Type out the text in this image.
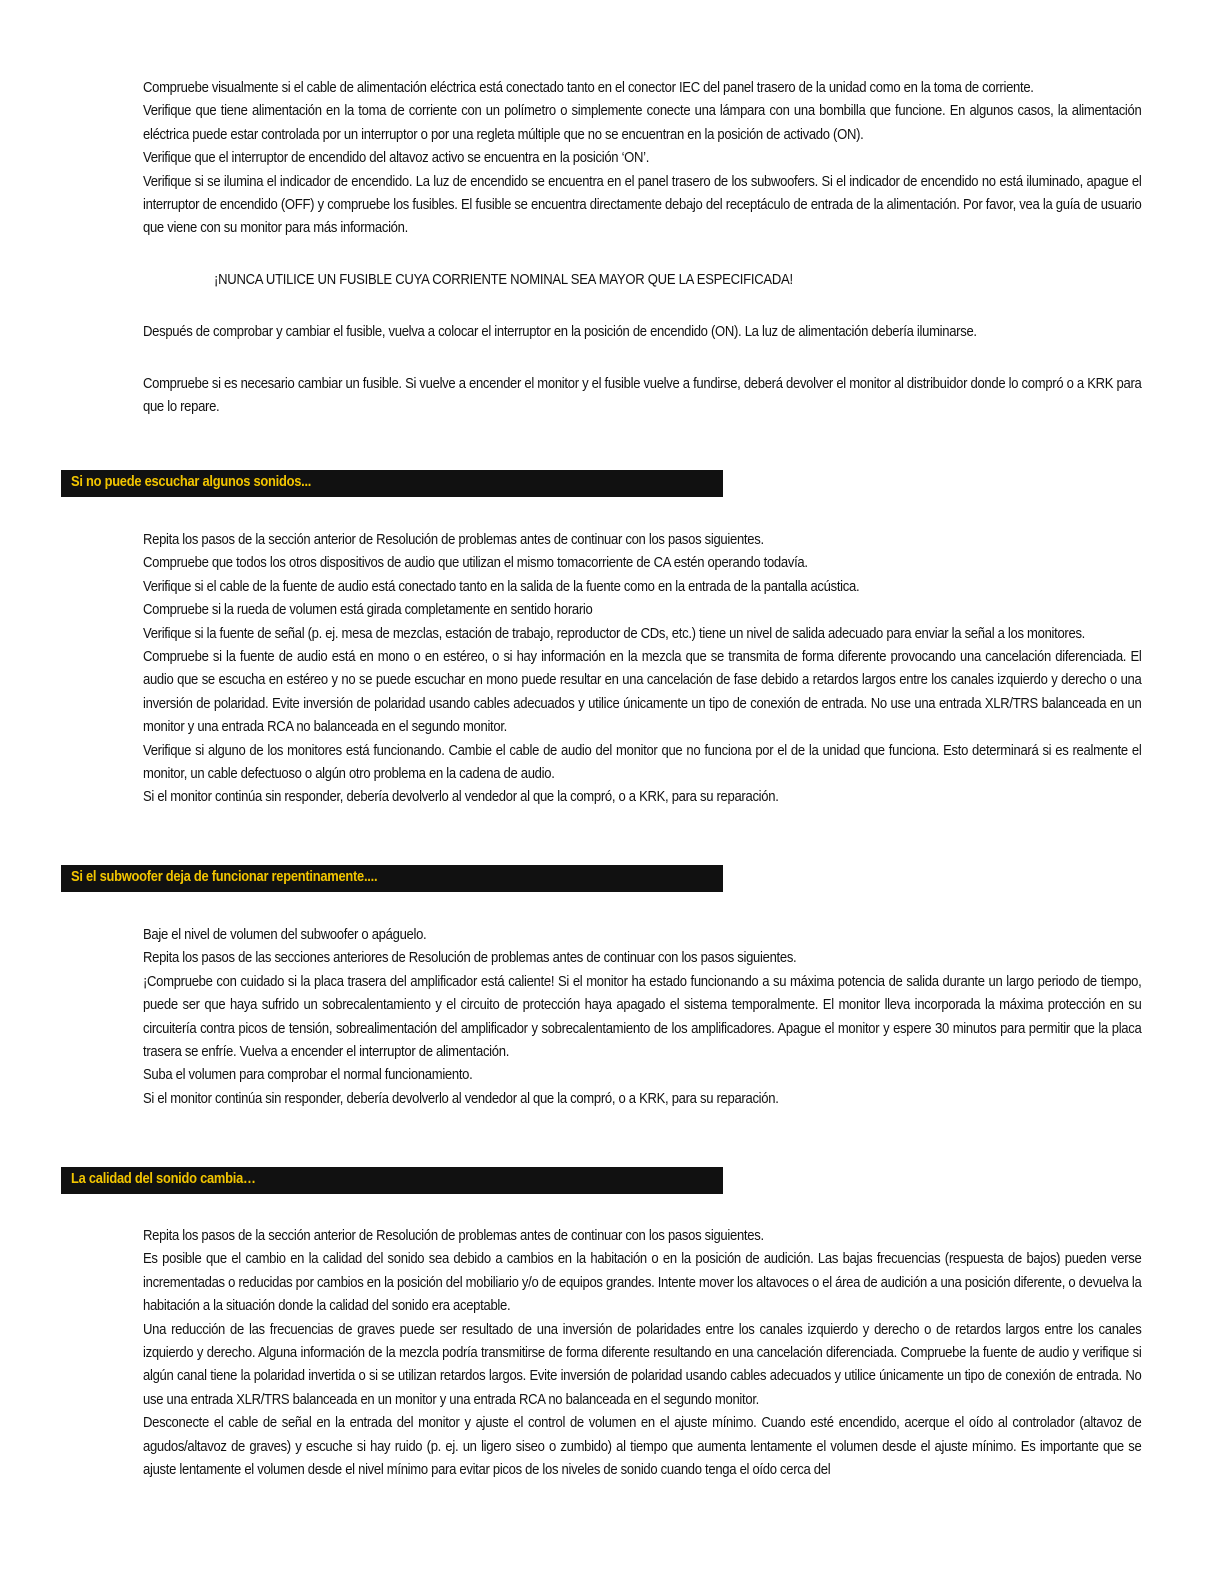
Compruebe visualmente si el cable de alimentación eléctrica está conectado tanto en el conector IEC del panel trasero de la unidad como en la toma de corriente.

Verifique que tiene alimentación en la toma de corriente con un polímetro o simplemente conecte una lámpara con una bombilla que funcione. En algunos casos, la alimentación eléctrica puede estar controlada por un interruptor o por una regleta múltiple que no se encuentran en la posición de activado (ON).

Verifique que el interruptor de encendido del altavoz activo se encuentra en la posición ‘ON’.

Verifique si se ilumina el indicador de encendido. La luz de encendido se encuentra en el panel trasero de los subwoofers. Si el indicador de encendido no está iluminado, apague el interruptor de encendido (OFF) y compruebe los fusibles. El fusible se encuentra directamente debajo del receptáculo de entrada de la alimentación. Por favor, vea la guía de usuario que viene con su monitor para más información.

¡NUNCA UTILICE UN FUSIBLE CUYA CORRIENTE NOMINAL SEA MAYOR QUE LA ESPECIFICADA!

Después de comprobar y cambiar el fusible, vuelva a colocar el interruptor en la posición de encendido (ON). La luz de alimentación debería iluminarse.

Compruebe si es necesario cambiar un fusible. Si vuelve a encender el monitor y el fusible vuelve a fundirse, deberá devolver el monitor al distribuidor donde lo compró o a KRK para que lo repare.

Si no puede escuchar algunos sonidos...

Repita los pasos de la sección anterior de Resolución de problemas antes de continuar con los pasos siguientes.

Compruebe que todos los otros dispositivos de audio que utilizan el mismo tomacorriente de CA estén operando todavía.

Verifique si el cable de la fuente de audio está conectado tanto en la salida de la fuente como en la entrada de la pantalla acústica.

Compruebe si la rueda de volumen está girada completamente en sentido horario

Verifique si la fuente de señal (p. ej. mesa de mezclas, estación de trabajo, reproductor de CDs, etc.) tiene un nivel de salida adecuado para enviar la señal a los monitores.

Compruebe si la fuente de audio está en mono o en estéreo, o si hay información en la mezcla que se transmita de forma diferente provocando una cancelación diferenciada. El audio que se escucha en estéreo y no se puede escuchar en mono puede resultar en una cancelación de fase debido a retardos largos entre los canales izquierdo y derecho o una inversión de polaridad. Evite inversión de polaridad usando cables adecuados y utilice únicamente un tipo de conexión de entrada. No use una entrada XLR/TRS balanceada en un monitor y una entrada RCA no balanceada en el segundo monitor.

Verifique si alguno de los monitores está funcionando. Cambie el cable de audio del monitor que no funciona por el de la unidad que funciona. Esto determinará si es realmente el monitor, un cable defectuoso o algún otro problema en la cadena de audio.

Si el monitor continúa sin responder, debería devolverlo al vendedor al que la compró, o a KRK, para su reparación.

Si el subwoofer deja de funcionar repentinamente....

Baje el nivel de volumen del subwoofer o apáguelo.

Repita los pasos de las secciones anteriores de Resolución de problemas antes de continuar con los pasos siguientes.

¡Compruebe con cuidado si la placa trasera del amplificador está caliente! Si el monitor ha estado funcionando a su máxima potencia de salida durante un largo periodo de tiempo, puede ser que haya sufrido un sobrecalentamiento y el circuito de protección haya apagado el sistema temporalmente. El monitor lleva incorporada la máxima protección en su circuitería contra picos de tensión, sobrealimentación del amplificador y sobrecalentamiento de los amplificadores. Apague el monitor y espere 30 minutos para permitir que la placa trasera se enfríe. Vuelva a encender el interruptor de alimentación.

Suba el volumen para comprobar el normal funcionamiento.

Si el monitor continúa sin responder, debería devolverlo al vendedor al que la compró, o a KRK, para su reparación.

La calidad del sonido cambia…

Repita los pasos de la sección anterior de Resolución de problemas antes de continuar con los pasos siguientes.

Es posible que el cambio en la calidad del sonido sea debido a cambios en la habitación o en la posición de audición. Las bajas frecuencias (respuesta de bajos) pueden verse incrementadas o reducidas por cambios en la posición del mobiliario y/o de equipos grandes. Intente mover los altavoces o el área de audición a una posición diferente, o devuelva la habitación a la situación donde la calidad del sonido era aceptable.

Una reducción de las frecuencias de graves puede ser resultado de una inversión de polaridades entre los canales izquierdo y derecho o de retardos largos entre los canales izquierdo y derecho. Alguna información de la mezcla podría transmitirse de forma diferente resultando en una cancelación diferenciada. Compruebe la fuente de audio y verifique si algún canal tiene la polaridad invertida o si se utilizan retardos largos. Evite inversión de polaridad usando cables adecuados y utilice únicamente un tipo de conexión de entrada. No use una entrada XLR/TRS balanceada en un monitor y una entrada RCA no balanceada en el segundo monitor.

Desconecte el cable de señal en la entrada del monitor y ajuste el control de volumen en el ajuste mínimo. Cuando esté encendido, acerque el oído al controlador (altavoz de agudos/altavoz de graves) y escuche si hay ruido (p. ej. un ligero siseo o zumbido) al tiempo que aumenta lentamente el volumen desde el ajuste mínimo. Es importante que se ajuste lentamente el volumen desde el nivel mínimo para evitar picos de los niveles de sonido cuando tenga el oído cerca del
